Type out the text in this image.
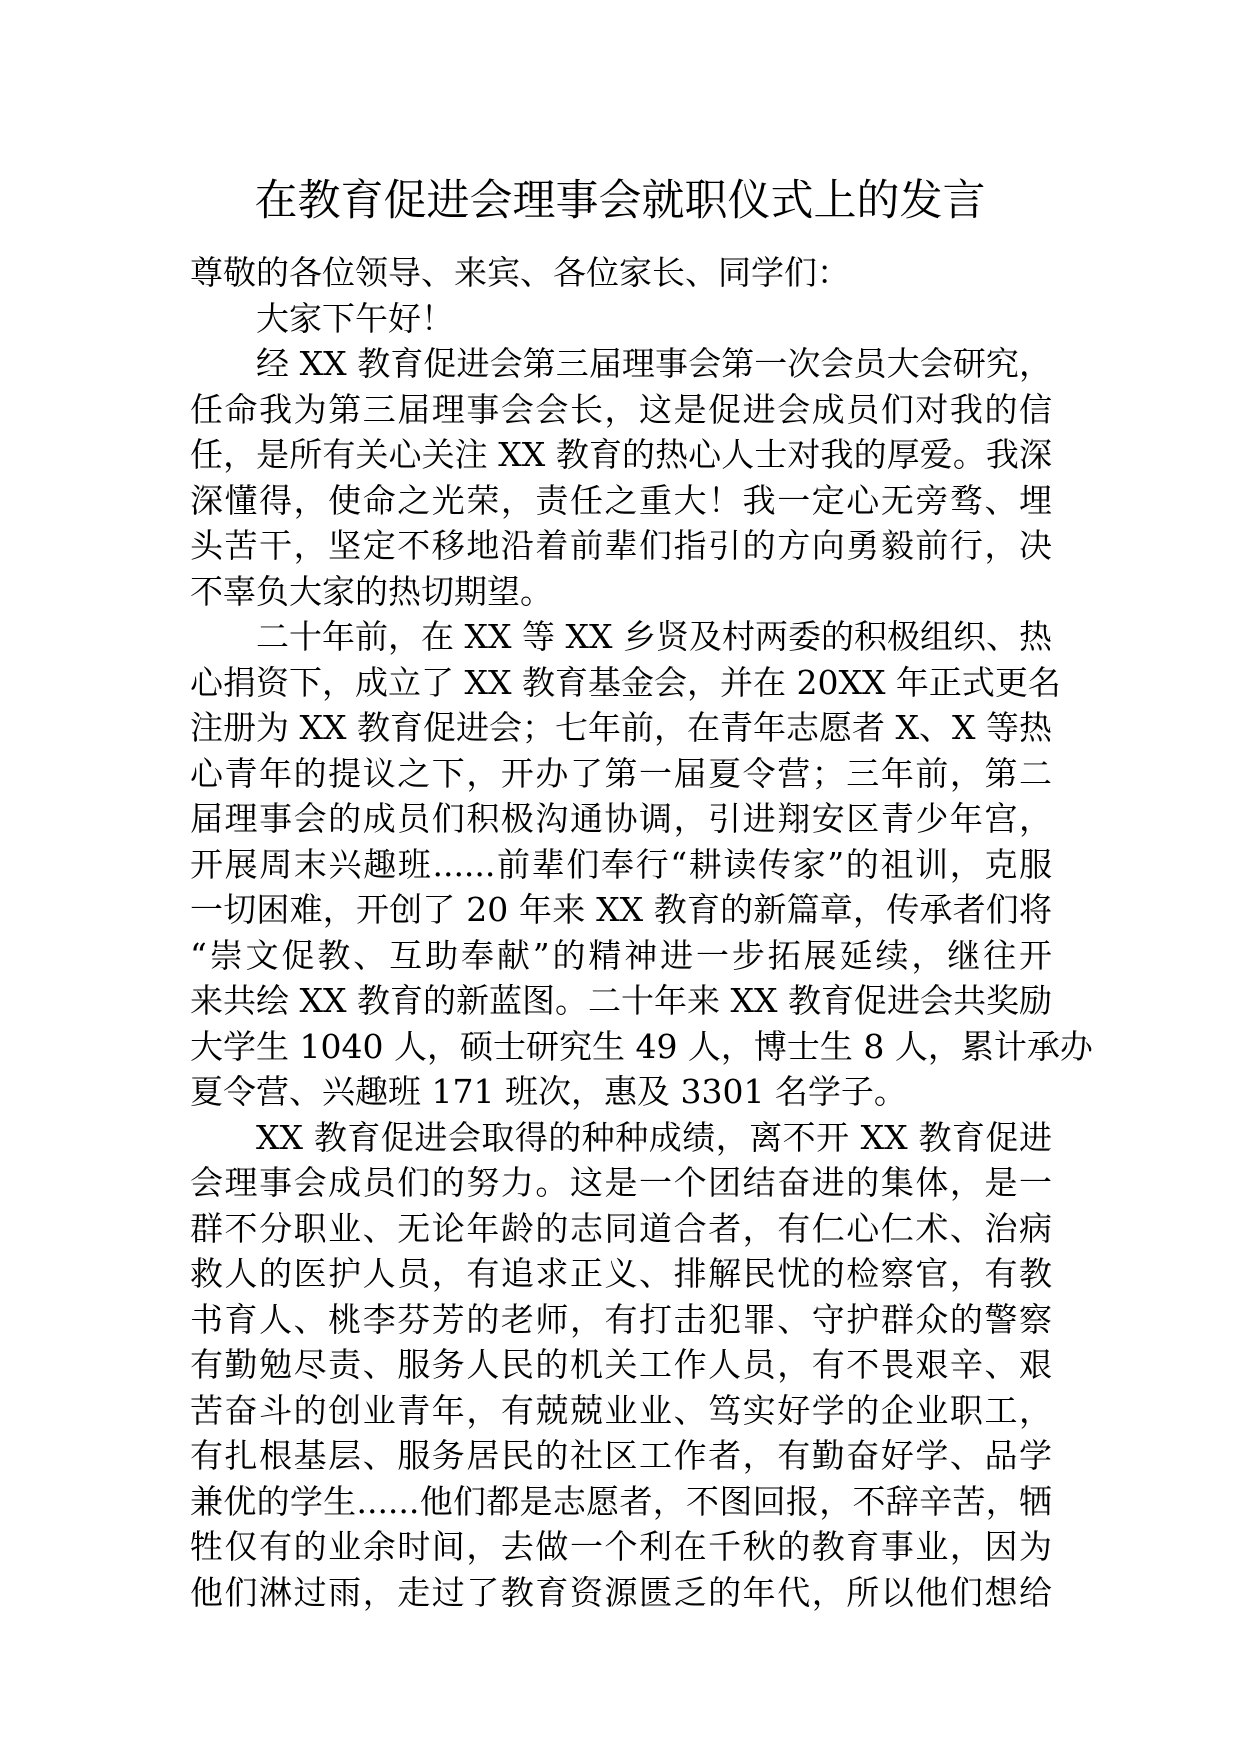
在教育促进会理事会就职仪式上的发言
尊敬的各位领导、来宾、各位家长、同学们：
大家下午好！
经 XX 教育促进会第三届理事会第一次会员大会研究，
任命我为第三届理事会会长，这是促进会成员们对我的信
任，是所有关心关注 XX 教育的热心人士对我的厚爱。我深
深懂得，使命之光荣，责任之重大！我一定心无旁骛、埋
头苦干，坚定不移地沿着前辈们指引的方向勇毅前行，决
不辜负大家的热切期望。
二十年前，在 XX 等 XX 乡贤及村两委的积极组织、热
心捐资下，成立了 XX 教育基金会，并在 20XX 年正式更名
注册为 XX 教育促进会；七年前，在青年志愿者 X、X 等热
心青年的提议之下，开办了第一届夏令营；三年前，第二
届理事会的成员们积极沟通协调，引进翔安区青少年宫，
开展周末兴趣班......前辈们奉行“耕读传家”的祖训，克服
一切困难，开创了 20 年来 XX 教育的新篇章，传承者们将
“崇文促教、互助奉献”的精神进一步拓展延续，继往开
来共绘 XX 教育的新蓝图。二十年来 XX 教育促进会共奖励
大学生 1040 人，硕士研究生 49 人，博士生 8 人，累计承办
夏令营、兴趣班 171 班次，惠及 3301 名学子。
XX 教育促进会取得的种种成绩，离不开 XX 教育促进
会理事会成员们的努力。这是一个团结奋进的集体，是一
群不分职业、无论年龄的志同道合者，有仁心仁术、治病
救人的医护人员，有追求正义、排解民忧的检察官，有教
书育人、桃李芬芳的老师，有打击犯罪、守护群众的警察
有勤勉尽责、服务人民的机关工作人员，有不畏艰辛、艰
苦奋斗的创业青年，有兢兢业业、笃实好学的企业职工，
有扎根基层、服务居民的社区工作者，有勤奋好学、品学
兼优的学生......他们都是志愿者，不图回报，不辞辛苦，牺
牲仅有的业余时间，去做一个利在千秋的教育事业，因为
他们淋过雨，走过了教育资源匮乏的年代，所以他们想给
